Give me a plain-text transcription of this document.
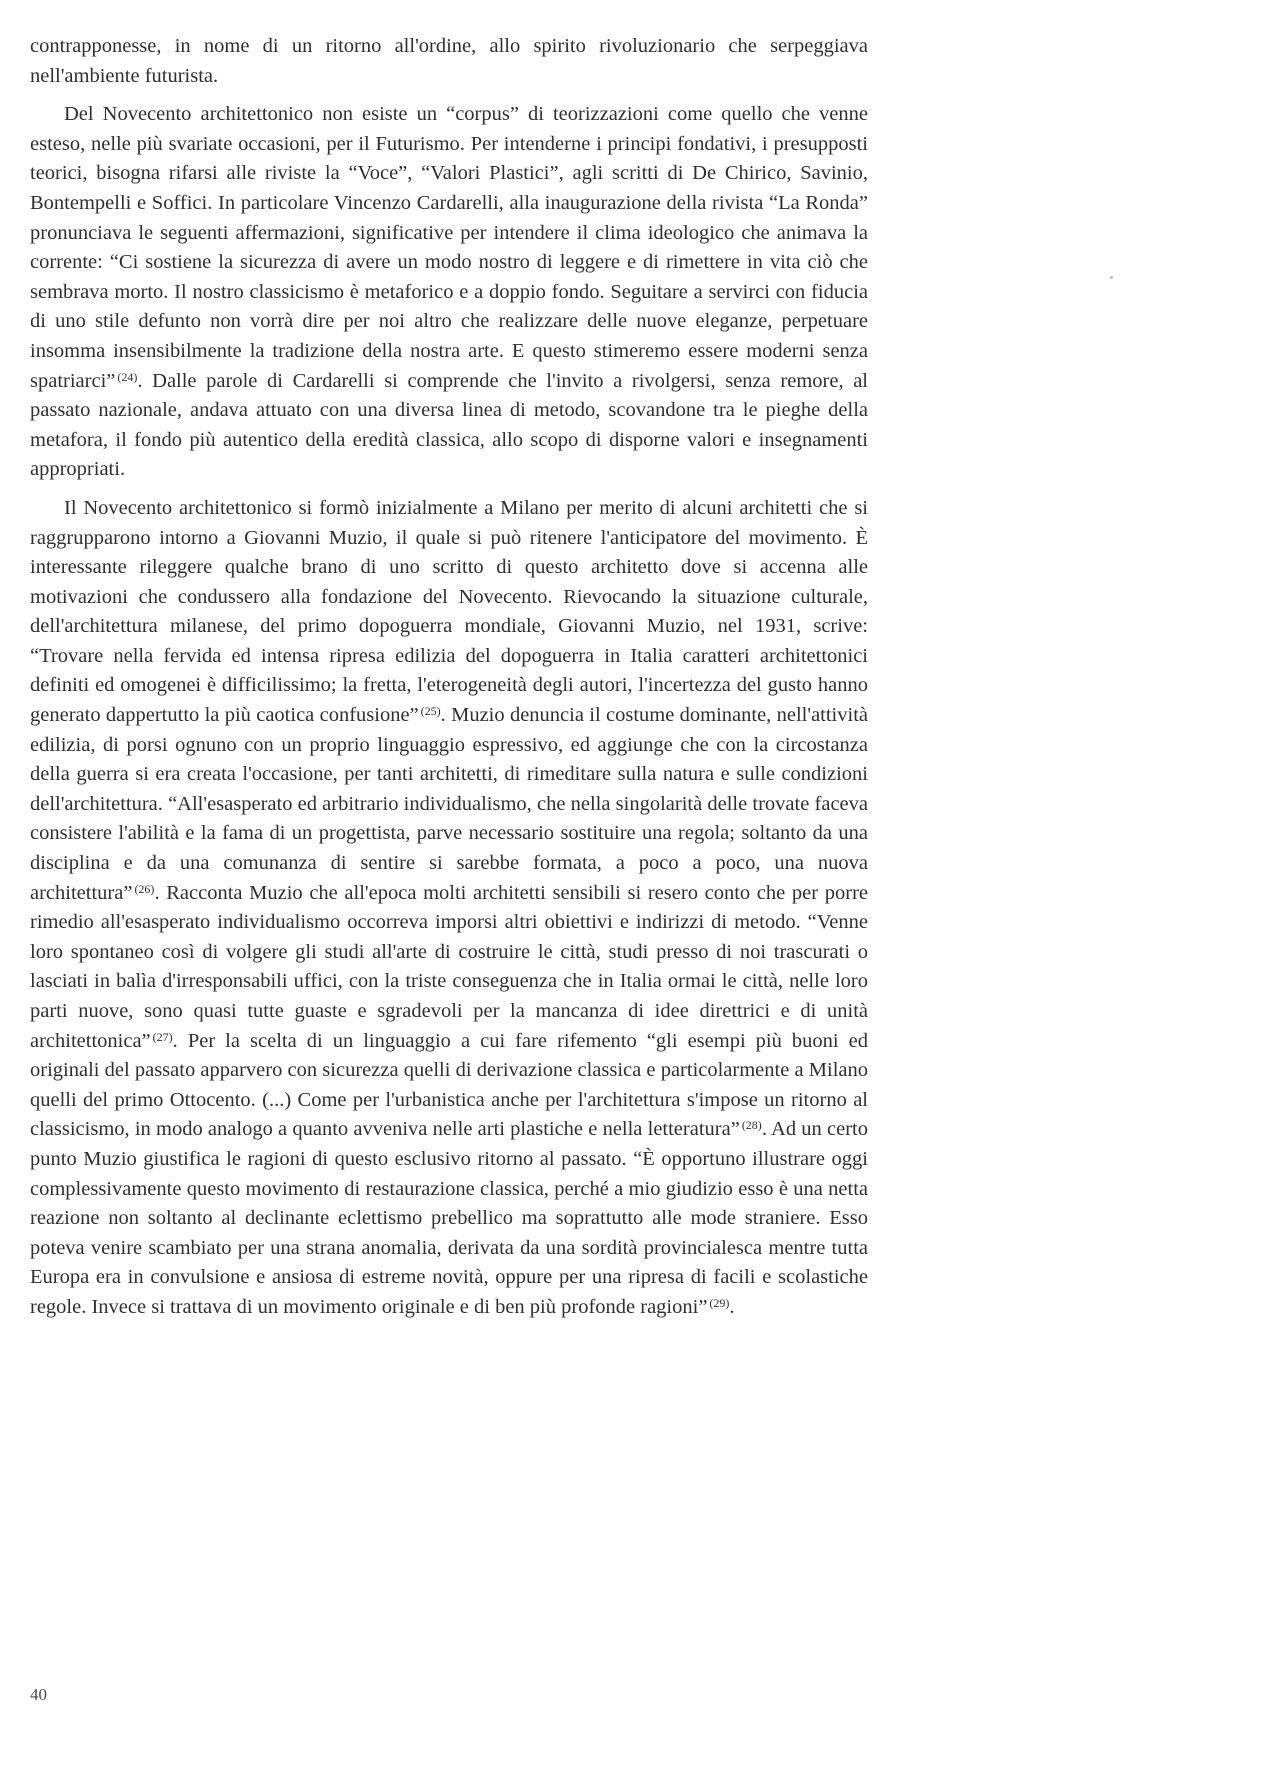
contrapponesse, in nome di un ritorno all'ordine, allo spirito rivoluzionario che serpeggiava nell'ambiente futurista.

Del Novecento architettonico non esiste un “corpus” di teorizzazioni come quello che venne esteso, nelle più svariate occasioni, per il Futurismo. Per intenderne i principi fondativi, i presupposti teorici, bisogna rifarsi alle riviste la “Voce”, “Valori Plastici”, agli scritti di De Chirico, Savinio, Bontempelli e Soffici. In particolare Vincenzo Cardarelli, alla inaugurazione della rivista “La Ronda” pronunciava le seguenti affermazioni, significative per intendere il clima ideologico che animava la corrente: “Ci sostiene la sicurezza di avere un modo nostro di leggere e di rimettere in vita ciò che sembrava morto. Il nostro classicismo è metaforico e a doppio fondo. Seguitare a servirci con fiducia di uno stile defunto non vorrà dire per noi altro che realizzare delle nuove eleganze, perpetuare insomma insensibilmente la tradizione della nostra arte. E questo stimeremo essere moderni senza spatriarci” $^{(24)}$. Dalle parole di Cardarelli si comprende che l'invito a rivolgersi, senza remore, al passato nazionale, andava attuato con una diversa linea di metodo, scovandone tra le pieghe della metafora, il fondo più autentico della eredità classica, allo scopo di disporne valori e insegnamenti appropriati.

Il Novecento architettonico si formò inizialmente a Milano per merito di alcuni architetti che si raggrupparono intorno a Giovanni Muzio, il quale si può ritenere l'anticipatore del movimento. È interessante rileggere qualche brano di uno scritto di questo architetto dove si accenna alle motivazioni che condussero alla fondazione del Novecento. Rievocando la situazione culturale, dell'architettura milanese, del primo dopoguerra mondiale, Giovanni Muzio, nel 1931, scrive: “Trovare nella fervida ed intensa ripresa edilizia del dopoguerra in Italia caratteri architettonici definiti ed omogenei è difficilissimo; la fretta, l'eterogeneità degli autori, l'incertezza del gusto hanno generato dappertutto la più caotica confusione” $^{(25)}$. Muzio denuncia il costume dominante, nell'attività edilizia, di porsi ognuno con un proprio linguaggio espressivo, ed aggiunge che con la circostanza della guerra si era creata l'occasione, per tanti architetti, di rimeditare sulla natura e sulle condizioni dell'architettura. “All'esasperato ed arbitrario individualismo, che nella singolarità delle trovate faceva consistere l'abilità e la fama di un progettista, parve necessario sostituire una regola; soltanto da una disciplina e da una comunanza di sentire si sarebbe formata, a poco a poco, una nuova architettura” $^{(26)}$. Racconta Muzio che all'epoca molti architetti sensibili si resero conto che per porre rimedio all'esasperato individualismo occorreva imporsi altri obiettivi e indirizzi di metodo. “Venne loro spontaneo così di volgere gli studi all'arte di costruire le città, studi presso di noi trascurati o lasciati in balìa d'irresponsabili uffici, con la triste conseguenza che in Italia ormai le città, nelle loro parti nuove, sono quasi tutte guaste e sgradevoli per la mancanza di idee direttrici e di unità architettonica” $^{(27)}$. Per la scelta di un linguaggio a cui fare rifemento “gli esempi più buoni ed originali del passato apparvero con sicurezza quelli di derivazione classica e particolarmente a Milano quelli del primo Ottocento. (...) Come per l'urbanistica anche per l'architettura s'impose un ritorno al classicismo, in modo analogo a quanto avveniva nelle arti plastiche e nella letteratura” $^{(28)}$. Ad un certo punto Muzio giustifica le ragioni di questo esclusivo ritorno al passato. “È opportuno illustrare oggi complessivamente questo movimento di restaurazione classica, perché a mio giudizio esso è una netta reazione non soltanto al declinante eclettismo prebellico ma soprattutto alle mode straniere. Esso poteva venire scambiato per una strana anomalia, derivata da una sordità provincialesca mentre tutta Europa era in convulsione e ansiosa di estreme novità, oppure per una ripresa di facili e scolastiche regole. Invece si trattava di un movimento originale e di ben più profonde ragioni” $^{(29)}$.

40
